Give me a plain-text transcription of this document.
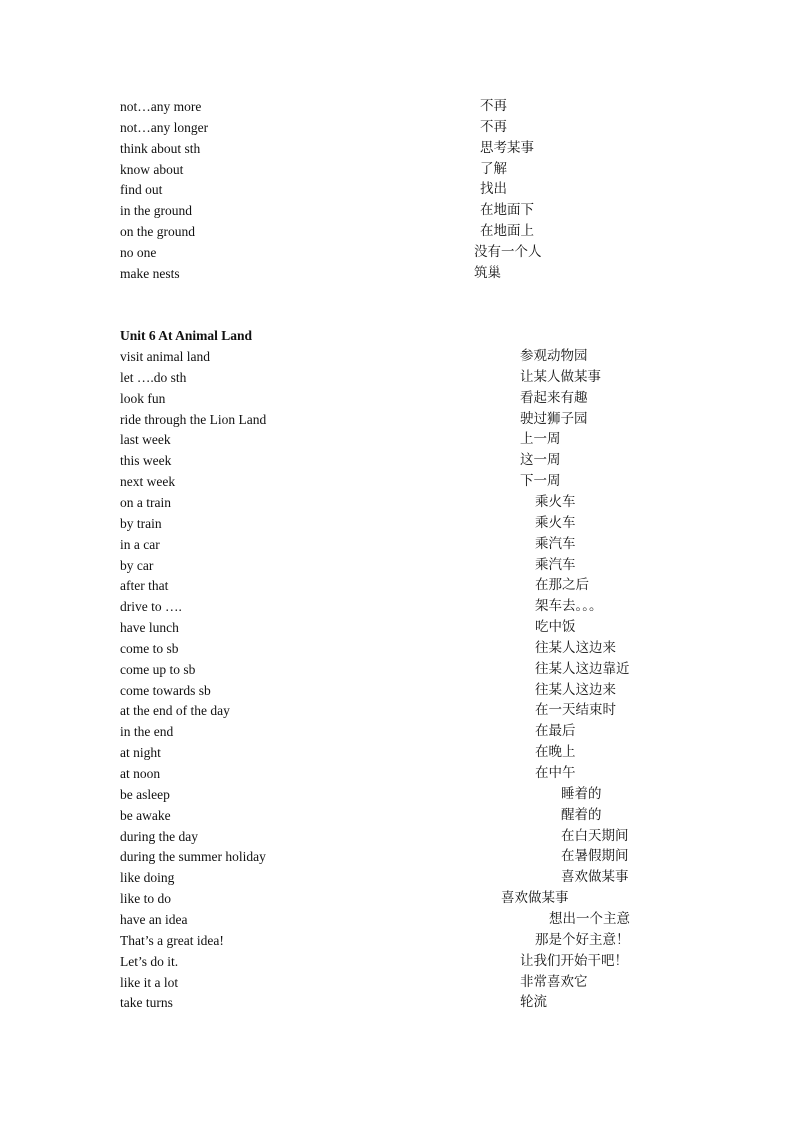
not…any more	不再
not…any longer	不再
think about sth	思考某事
know about	了解
find out	找出
in the ground	在地面下
on the ground	在地面上
no one	没有一个人
make nests	筑巢
Unit 6 At Animal Land
visit animal land	参观动物园
let ….do sth	让某人做某事
look fun	看起来有趣
ride through the Lion Land	驶过狮子园
last week	上一周
this week	这一周
next week	下一周
on a train	乘火车
by train	乘火车
in a car	乘汽车
by car	乘汽车
after that	在那之后
drive to ….	架车去。。。
have lunch	吃中饭
come to sb	往某人这边来
come up to sb	往某人这边靠近
come towards sb	往某人这边来
at the end of the day	在一天结束时
in the end	在最后
at night	在晚上
at noon	在中午
be asleep	睡着的
be awake	醒着的
during the day	在白天期间
during the summer holiday	在暑假期间
like doing	喜欢做某事
like to do	喜欢做某事
have an idea	想出一个主意
That’s a great idea!	那是个好主意！
Let’s do it.	让我们开始干吧！
like it a lot	非常喜欢它
take turns	轮流
